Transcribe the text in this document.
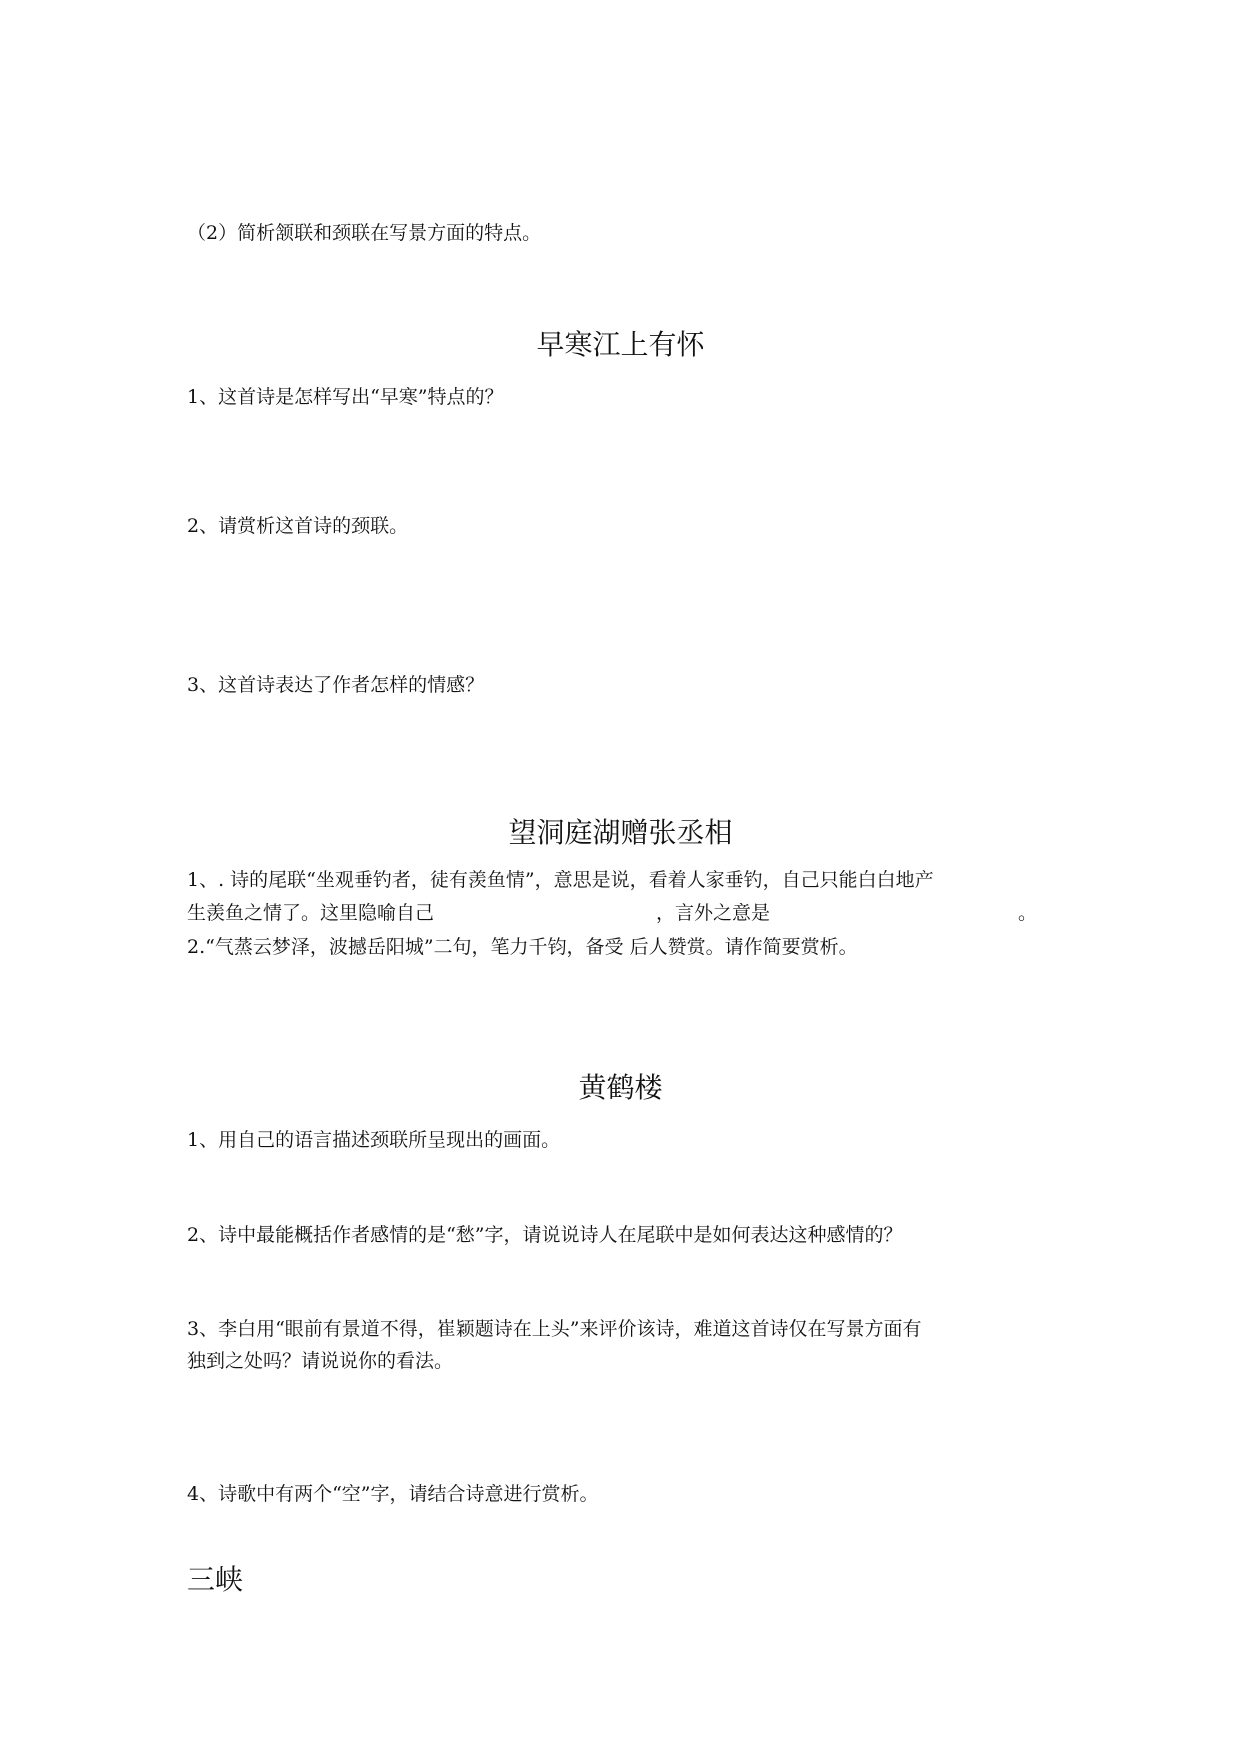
（2）简析颔联和颈联在写景方面的特点。
早寒江上有怀
1、这首诗是怎样写出“早寒”特点的？
2、请赏析这首诗的颈联。
3、这首诗表达了作者怎样的情感？
望洞庭湖赠张丞相
1、. 诗的尾联“坐观垂钓者，徒有羡鱼情”，意思是说，看着人家垂钓，自己只能白白地产
生羡鱼之情了。这里隐喻自己	，言外之意是	。
2.“气蒸云梦泽，波撼岳阳城”二句，笔力千钧，备受 后人赞赏。请作简要赏析。
黄鹤楼
1、用自己的语言描述颈联所呈现出的画面。
2、诗中最能概括作者感情的是“愁”字，请说说诗人在尾联中是如何表达这种感情的？
3、李白用“眼前有景道不得，崔颖题诗在上头”来评价该诗，难道这首诗仅在写景方面有
独到之处吗？请说说你的看法。
4、诗歌中有两个“空”字，请结合诗意进行赏析。
三峡
